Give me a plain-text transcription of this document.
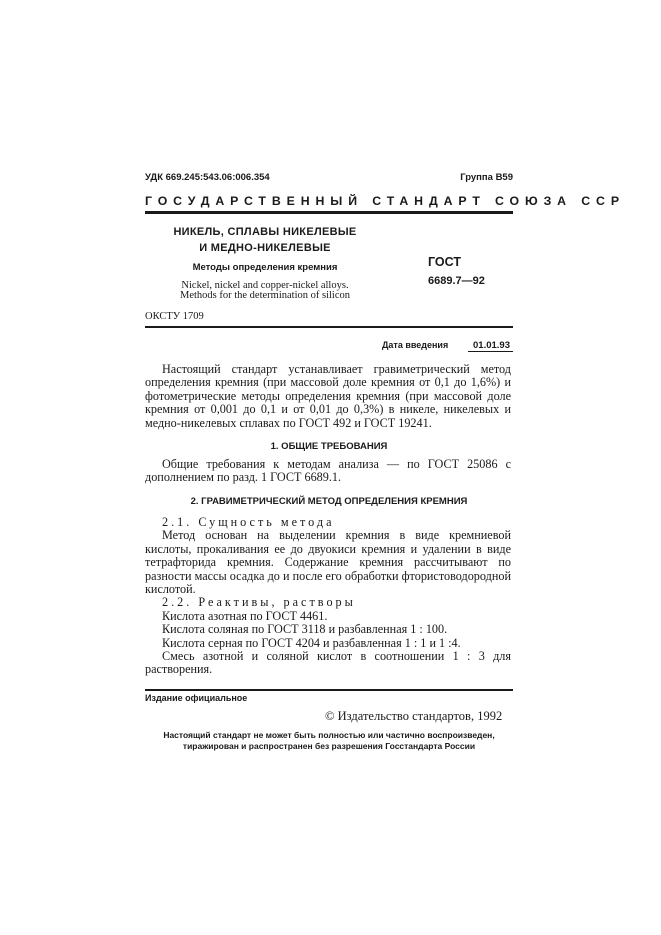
УДК 669.245:543.06:006.354	Группа В59
ГОСУДАРСТВЕННЫЙ СТАНДАРТ СОЮЗА ССР
НИКЕЛЬ, СПЛАВЫ НИКЕЛЕВЫЕ
И МЕДНО-НИКЕЛЕВЫЕ
Методы определения кремния
Nickel, nickel and copper-nickel alloys.
Methods for the determination of silicon
ГОСТ
6689.7—92
ОКСТУ 1709
Дата введения	01.01.93

Настоящий стандарт устанавливает гравиметрический метод определения кремния (при массовой доле кремния от 0,1 до 1,6%) и фотометрические методы определения кремния (при массовой доле кремния от 0,001 до 0,1 и от 0,01 до 0,3%) в никеле, никелевых и медно-никелевых сплавах по ГОСТ 492 и ГОСТ 19241.

1. ОБЩИЕ ТРЕБОВАНИЯ

Общие требования к методам анализа — по ГОСТ 25086 с дополнением по разд. 1 ГОСТ 6689.1.

2. ГРАВИМЕТРИЧЕСКИЙ МЕТОД ОПРЕДЕЛЕНИЯ КРЕМНИЯ

2.1. Сущность метода

Метод основан на выделении кремния в виде кремниевой кислоты, прокаливания ее до двуокиси кремния и удалении в виде тетрафторида кремния. Содержание кремния рассчитывают по разности массы осадка до и после его обработки фтористоводородной кислотой.

2.2. Реактивы, растворы

Кислота азотная по ГОСТ 4461.

Кислота соляная по ГОСТ 3118 и разбавленная 1 : 100.

Кислота серная по ГОСТ 4204 и разбавленная 1 : 1 и 1 :4.

Смесь азотной и соляной кислот в соотношении 1 : 3 для растворения.

Издание официальное
© Издательство стандартов, 1992
Настоящий стандарт не может быть полностью или частично воспроизведен,
тиражирован и распространен без разрешения Госстандарта России
